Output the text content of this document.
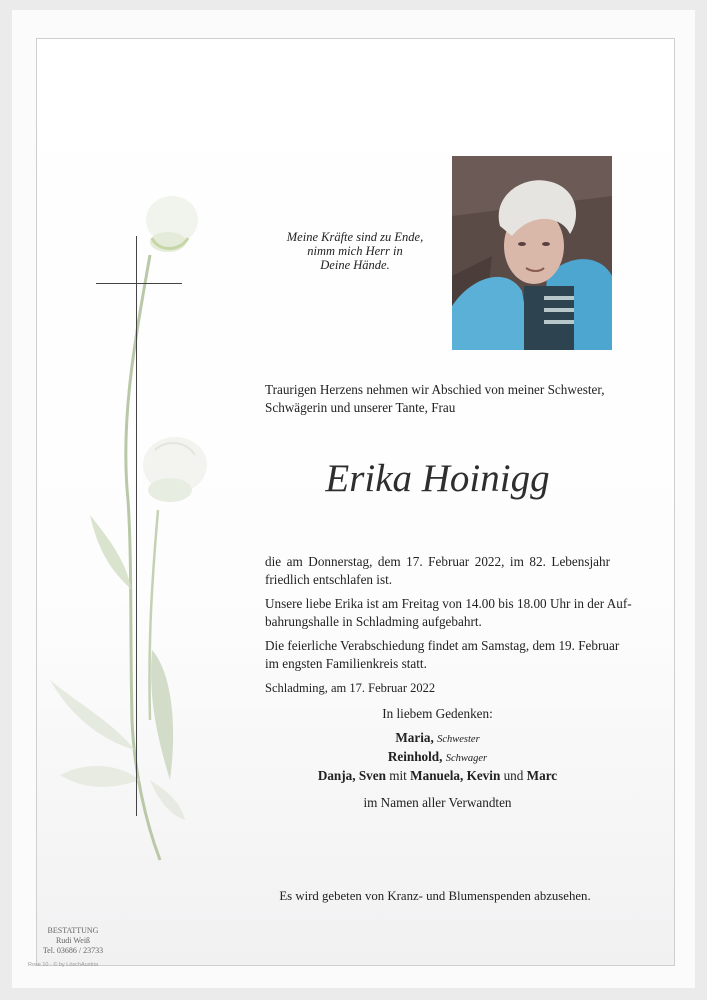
Meine Kräfte sind zu Ende,
nimm mich Herr in
Deine Hände.
Traurigen Herzens nehmen wir Abschied von meiner Schwester,
Schwägerin und unserer Tante, Frau
Erika Hoinigg
die am Donnerstag, dem 17. Februar 2022, im 82. Lebensjahr
friedlich entschlafen ist.
Unsere liebe Erika ist am Freitag von 14.00 bis 18.00 Uhr in der Auf-
bahrungshalle in Schladming aufgebahrt.
Die feierliche Verabschiedung findet am Samstag, dem 19. Februar
im engsten Familienkreis statt.
Schladming, am 17. Februar 2022
In liebem Gedenken:
Maria, Schwester
Reinhold, Schwager
Danja, Sven mit Manuela, Kevin und Marc
im Namen aller Verwandten
Es wird gebeten von Kranz- und Blumenspenden abzusehen.
BESTATTUNG
Rudi Weiß
Tel. 03686 / 23733
Rose 10 · © by LöschAustria
